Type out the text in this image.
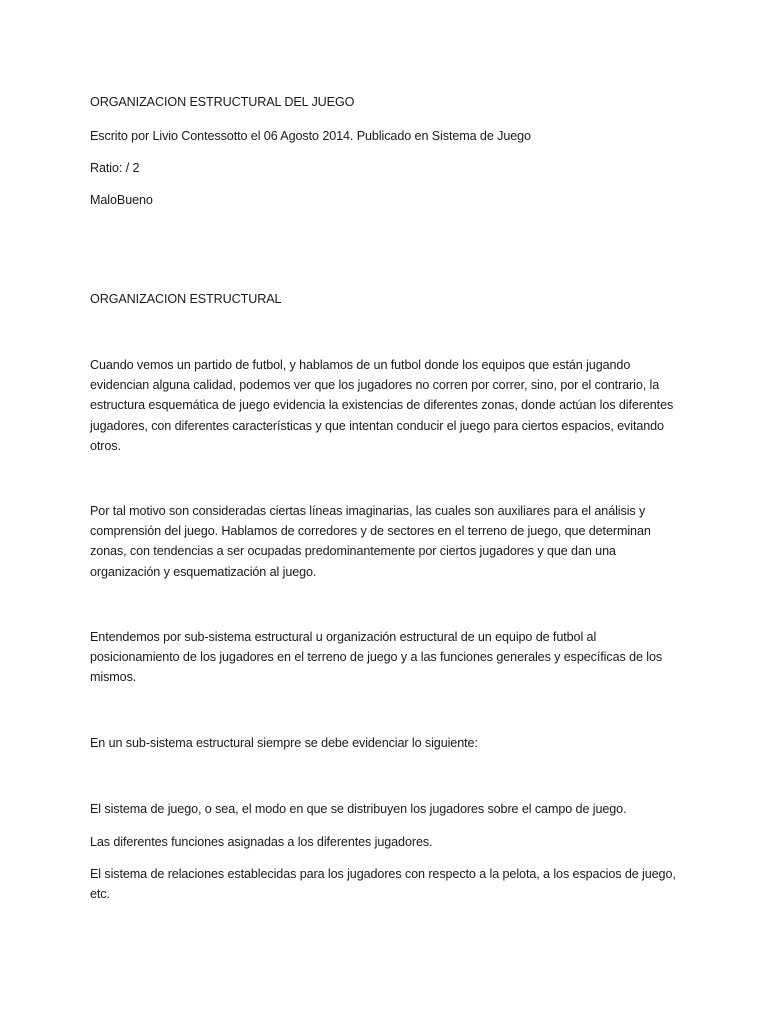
ORGANIZACION ESTRUCTURAL DEL JUEGO
Escrito por Livio Contessotto el 06 Agosto 2014. Publicado en Sistema de Juego
Ratio: / 2
MaloBueno
ORGANIZACION ESTRUCTURAL
Cuando vemos un partido de futbol, y hablamos de un futbol donde los equipos que están jugando evidencian alguna calidad, podemos ver que los jugadores no corren por correr, sino, por el contrario, la estructura esquemática de juego evidencia la existencias de diferentes zonas, donde actúan los diferentes jugadores, con diferentes características y que intentan conducir el juego para ciertos espacios, evitando otros.
Por tal motivo son consideradas ciertas líneas imaginarias, las cuales son auxiliares para el análisis y comprensión del juego. Hablamos de corredores y de sectores en el terreno de juego, que determinan zonas, con tendencias a ser ocupadas predominantemente por ciertos jugadores y que dan una organización y esquematización al juego.
Entendemos por sub-sistema estructural u organización estructural de un equipo de futbol al posicionamiento de los jugadores en el terreno de juego y a las funciones generales y específicas de los mismos.
En un sub-sistema estructural siempre se debe evidenciar lo siguiente:
El sistema de juego, o sea, el modo en que se distribuyen los jugadores sobre el campo de juego.
Las diferentes funciones asignadas a los diferentes jugadores.
El sistema de relaciones establecidas para los jugadores con respecto a la pelota, a los espacios de juego, etc.
